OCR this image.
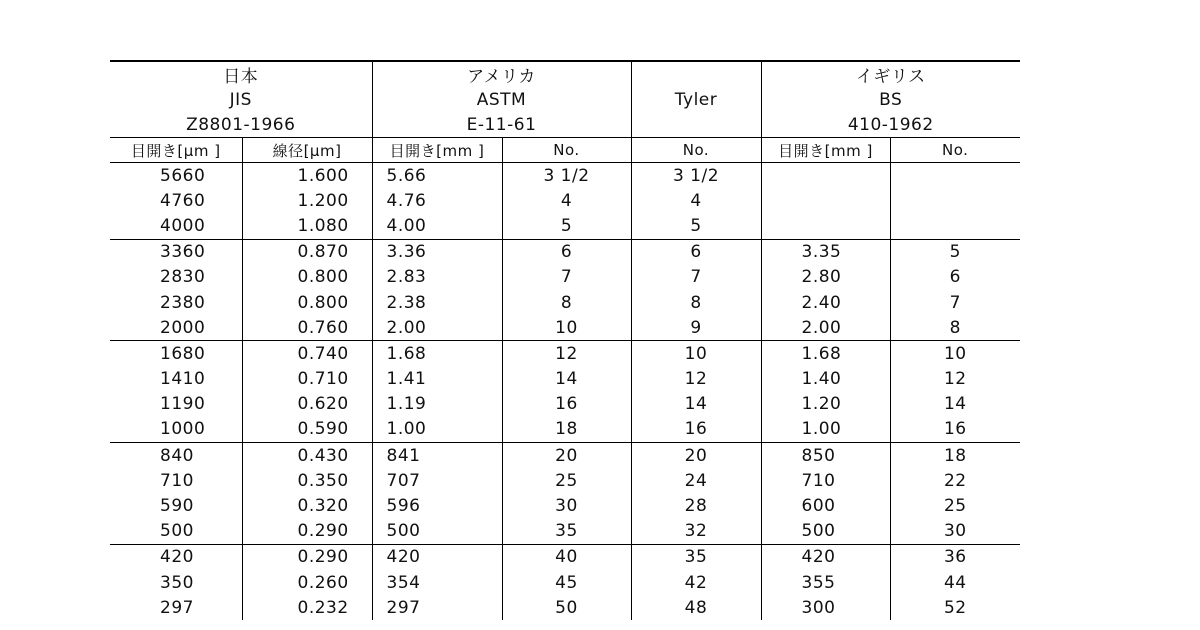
日本		アメリカ		Tyler	イギリス	
JIS		ASTM			BS	
Z8801-1966		E-11-61			410-1962	
目開き[μm ]	線径[μm]	目開き[mm ]	No.	No.	目開き[mm ]	No.
5660	1.600	5.66	3 1/2	3 1/2		
4760	1.200	4.76	4	4		
4000	1.080	4.00	5	5		
3360	0.870	3.36	6	6	3.35	5
2830	0.800	2.83	7	7	2.80	6
2380	0.800	2.38	8	8	2.40	7
2000	0.760	2.00	10	9	2.00	8
1680	0.740	1.68	12	10	1.68	10
1410	0.710	1.41	14	12	1.40	12
1190	0.620	1.19	16	14	1.20	14
1000	0.590	1.00	18	16	1.00	16
840	0.430	841	20	20	850	18
710	0.350	707	25	24	710	22
590	0.320	596	30	28	600	25
500	0.290	500	35	32	500	30
420	0.290	420	40	35	420	36
350	0.260	354	45	42	355	44
297	0.232	297	50	48	300	52
